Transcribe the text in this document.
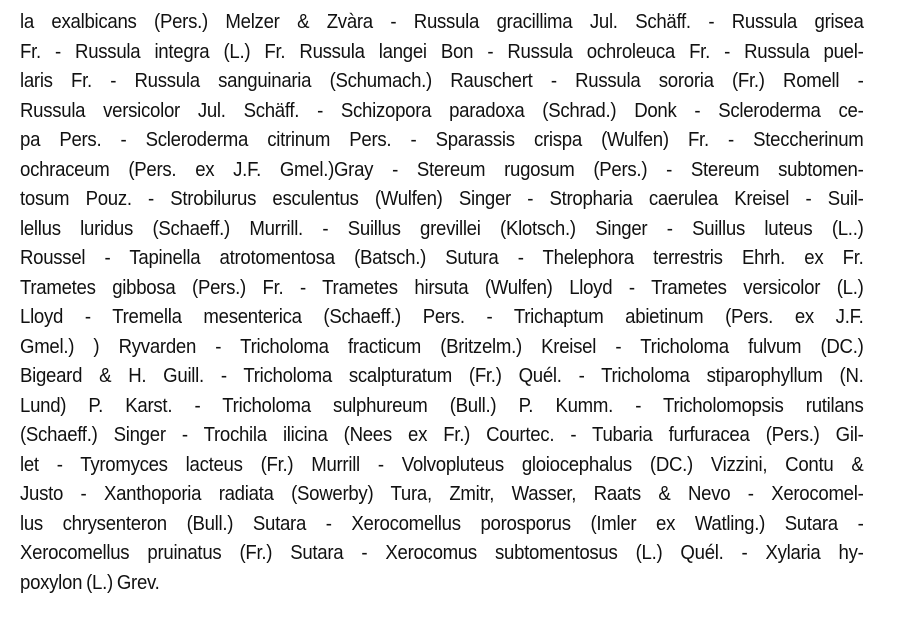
la exalbicans (Pers.) Melzer & Zvàra - Russula gracillima Jul. Schäff. - Russula grisea
Fr. - Russula integra (L.) Fr. Russula langei Bon - Russula ochroleuca Fr. - Russula puel-
laris Fr. - Russula sanguinaria (Schumach.) Rauschert - Russula sororia (Fr.) Romell -
Russula versicolor Jul. Schäff. - Schizopora paradoxa (Schrad.) Donk - Scleroderma ce-
pa Pers. - Scleroderma citrinum Pers. - Sparassis crispa (Wulfen) Fr. - Steccherinum
ochraceum (Pers. ex J.F. Gmel.)Gray - Stereum rugosum (Pers.) - Stereum subtomen-
tosum Pouz. - Strobilurus esculentus (Wulfen) Singer - Stropharia caerulea Kreisel - Suil-
lellus luridus (Schaeff.) Murrill. - Suillus grevillei (Klotsch.) Singer - Suillus luteus (L..)
Roussel - Tapinella atrotomentosa (Batsch.) Sutura - Thelephora terrestris Ehrh. ex Fr.
Trametes gibbosa (Pers.) Fr. - Trametes hirsuta (Wulfen) Lloyd - Trametes versicolor (L.)
Lloyd - Tremella mesenterica (Schaeff.) Pers. - Trichaptum abietinum (Pers. ex J.F.
Gmel.) ) Ryvarden - Tricholoma fracticum (Britzelm.) Kreisel - Tricholoma fulvum (DC.)
Bigeard & H. Guill. - Tricholoma scalpturatum (Fr.) Quél. - Tricholoma stiparophyllum (N.
Lund) P. Karst. - Tricholoma sulphureum (Bull.) P. Kumm. - Tricholomopsis rutilans
(Schaeff.) Singer - Trochila ilicina (Nees ex Fr.) Courtec. - Tubaria furfuracea (Pers.) Gil-
let - Tyromyces lacteus (Fr.) Murrill - Volvopluteus gloiocephalus (DC.) Vizzini, Contu &
Justo - Xanthoporia radiata (Sowerby) Tura, Zmitr, Wasser, Raats & Nevo - Xerocomel-
lus chrysenteron (Bull.) Sutara - Xerocomellus porosporus (Imler ex Watling.) Sutara -
Xerocomellus pruinatus (Fr.) Sutara - Xerocomus subtomentosus (L.) Quél. - Xylaria hy-
poxylon (L.) Grev.
